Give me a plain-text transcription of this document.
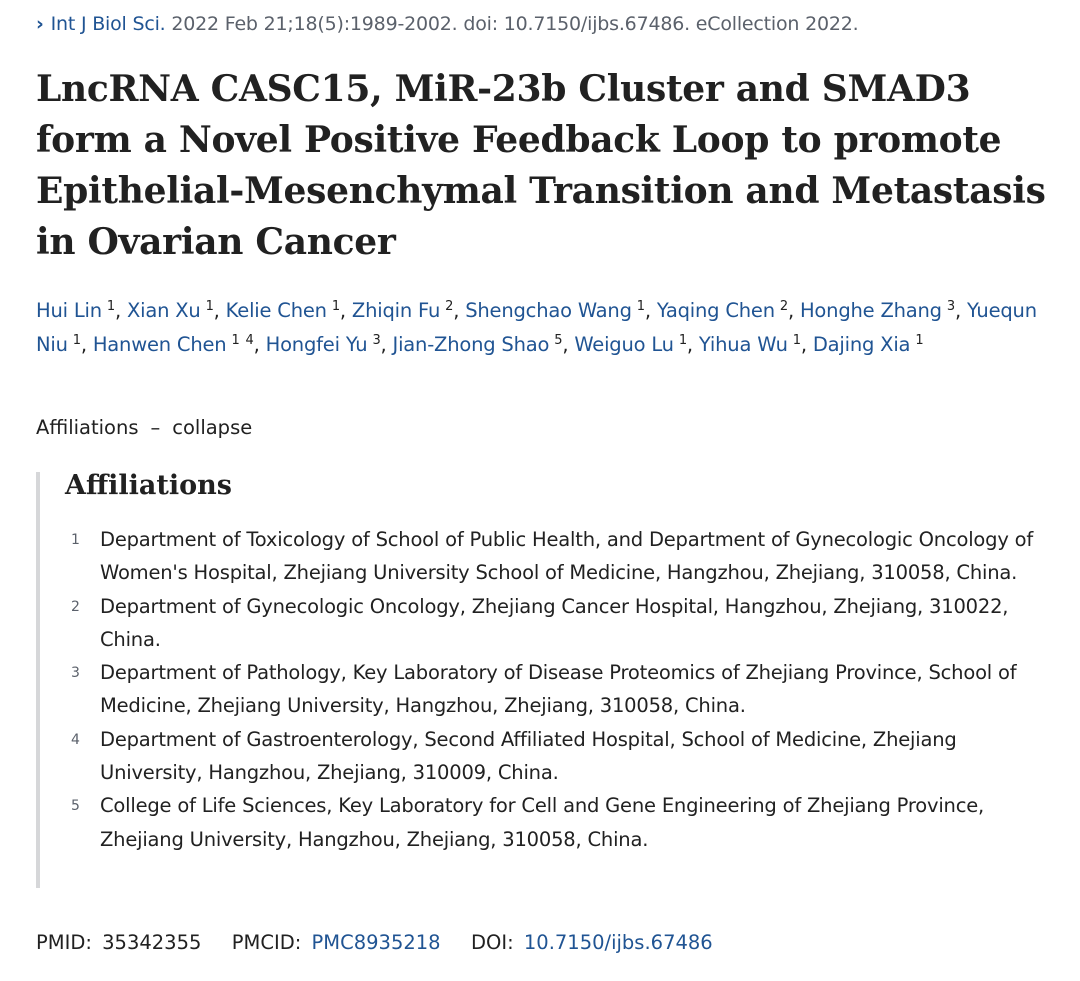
› Int J Biol Sci. 2022 Feb 21;18(5):1989-2002. doi: 10.7150/ijbs.67486. eCollection 2022.
LncRNA CASC15, MiR-23b Cluster and SMAD3 form a Novel Positive Feedback Loop to promote Epithelial-Mesenchymal Transition and Metastasis in Ovarian Cancer
Hui Lin $^1$, Xian Xu $^1$, Kelie Chen $^1$, Zhiqin Fu $^2$, Shengchao Wang $^1$, Yaqing Chen $^2$, Honghe Zhang $^3$, Yuequn Niu $^1$, Hanwen Chen $^{1 4}$, Hongfei Yu $^3$, Jian-Zhong Shao $^5$, Weiguo Lu $^1$, Yihua Wu $^1$, Dajing Xia $^1$
Affiliations – collapse
Affiliations
1 Department of Toxicology of School of Public Health, and Department of Gynecologic Oncology of Women's Hospital, Zhejiang University School of Medicine, Hangzhou, Zhejiang, 310058, China.
2 Department of Gynecologic Oncology, Zhejiang Cancer Hospital, Hangzhou, Zhejiang, 310022, China.
3 Department of Pathology, Key Laboratory of Disease Proteomics of Zhejiang Province, School of Medicine, Zhejiang University, Hangzhou, Zhejiang, 310058, China.
4 Department of Gastroenterology, Second Affiliated Hospital, School of Medicine, Zhejiang University, Hangzhou, Zhejiang, 310009, China.
5 College of Life Sciences, Key Laboratory for Cell and Gene Engineering of Zhejiang Province, Zhejiang University, Hangzhou, Zhejiang, 310058, China.
PMID: 35342355 PMCID: PMC8935218 DOI: 10.7150/ijbs.67486
